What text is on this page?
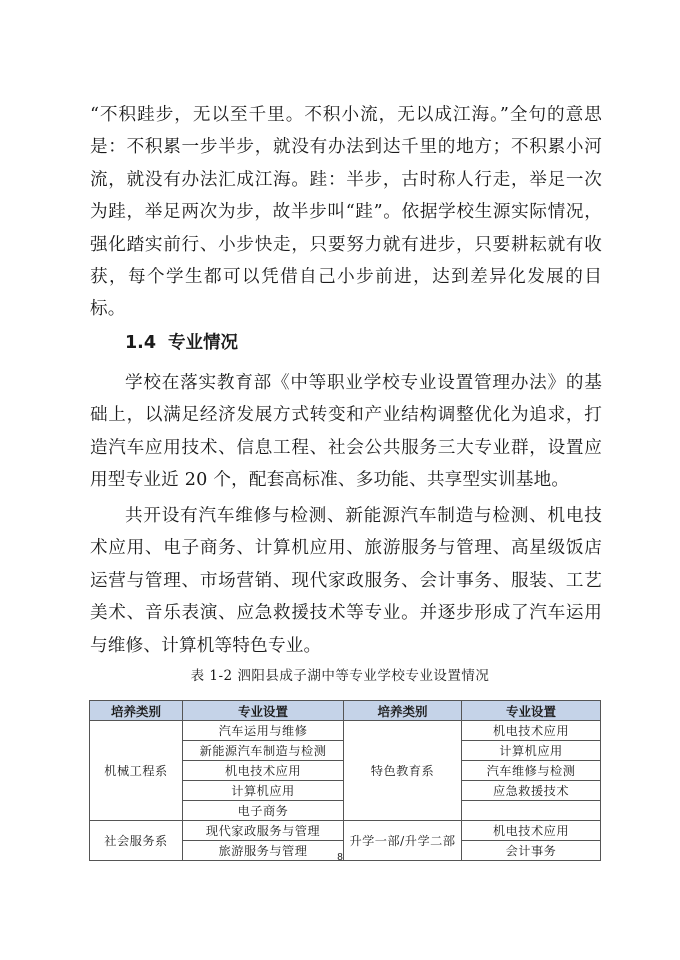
“不积跬步，无以至千里。不积小流，无以成江海。”全句的意思是：不积累一步半步，就没有办法到达千里的地方；不积累小河流，就没有办法汇成江海。跬：半步，古时称人行走，举足一次为跬，举足两次为步，故半步叫“跬”。依据学校生源实际情况，强化踏实前行、小步快走，只要努力就有进步，只要耕耘就有收获，每个学生都可以凭借自己小步前进，达到差异化发展的目标。

1.4 专业情况

学校在落实教育部《中等职业学校专业设置管理办法》的基础上，以满足经济发展方式转变和产业结构调整优化为追求，打造汽车应用技术、信息工程、社会公共服务三大专业群，设置应用型专业近 20 个，配套高标准、多功能、共享型实训基地。

共开设有汽车维修与检测、新能源汽车制造与检测、机电技术应用、电子商务、计算机应用、旅游服务与管理、高星级饭店运营与管理、市场营销、现代家政服务、会计事务、服装、工艺美术、音乐表演、应急救援技术等专业。并逐步形成了汽车运用与维修、计算机等特色专业。

表 1-2 泗阳县成子湖中等专业学校专业设置情况

培养类别	专业设置	培养类别	专业设置
机械工程系	汽车运用与维修	特色教育系	机电技术应用
	新能源汽车制造与检测		计算机应用
	机电技术应用		汽车维修与检测
	计算机应用		应急救援技术
	电子商务		
社会服务系	现代家政服务与管理	升学一部/升学二部	机电技术应用
	旅游服务与管理		会计事务

8
